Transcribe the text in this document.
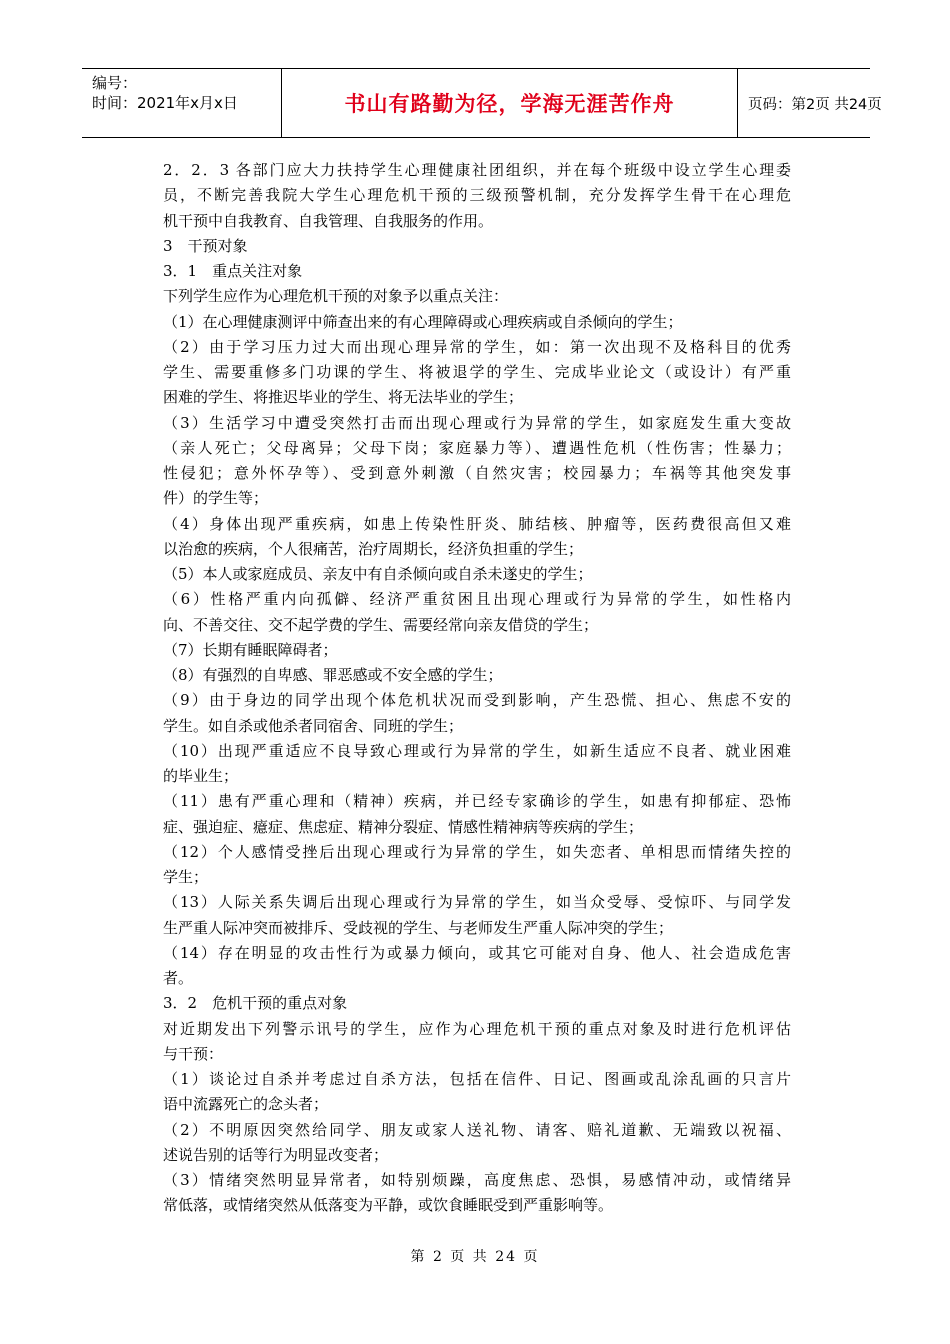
编号：
时间：2021年x月x日	书山有路勤为径，学海无涯苦作舟	页码：第2页 共24页
2．2．3 各部门应大力扶持学生心理健康社团组织，并在每个班级中设立学生心理委
员，不断完善我院大学生心理危机干预的三级预警机制，充分发挥学生骨干在心理危
机干预中自我教育、自我管理、自我服务的作用。
3　干预对象
3．1　重点关注对象
下列学生应作为心理危机干预的对象予以重点关注：
（1）在心理健康测评中筛查出来的有心理障碍或心理疾病或自杀倾向的学生；
（2）由于学习压力过大而出现心理异常的学生，如：第一次出现不及格科目的优秀
学生、需要重修多门功课的学生、将被退学的学生、完成毕业论文（或设计）有严重
困难的学生、将推迟毕业的学生、将无法毕业的学生；
（3）生活学习中遭受突然打击而出现心理或行为异常的学生，如家庭发生重大变故
（亲人死亡；父母离异；父母下岗；家庭暴力等）、遭遇性危机（性伤害；性暴力；
性侵犯；意外怀孕等）、受到意外刺激（自然灾害；校园暴力；车祸等其他突发事
件）的学生等；
（4）身体出现严重疾病，如患上传染性肝炎、肺结核、肿瘤等，医药费很高但又难
以治愈的疾病，个人很痛苦，治疗周期长，经济负担重的学生；
（5）本人或家庭成员、亲友中有自杀倾向或自杀未遂史的学生；
（6）性格严重内向孤僻、经济严重贫困且出现心理或行为异常的学生，如性格内
向、不善交往、交不起学费的学生、需要经常向亲友借贷的学生；
（7）长期有睡眠障碍者；
（8）有强烈的自卑感、罪恶感或不安全感的学生；
（9）由于身边的同学出现个体危机状况而受到影响，产生恐慌、担心、焦虑不安的
学生。如自杀或他杀者同宿舍、同班的学生；
（10）出现严重适应不良导致心理或行为异常的学生，如新生适应不良者、就业困难
的毕业生；
（11）患有严重心理和（精神）疾病，并已经专家确诊的学生，如患有抑郁症、恐怖
症、强迫症、癔症、焦虑症、精神分裂症、情感性精神病等疾病的学生；
（12）个人感情受挫后出现心理或行为异常的学生，如失恋者、单相思而情绪失控的
学生；
（13）人际关系失调后出现心理或行为异常的学生，如当众受辱、受惊吓、与同学发
生严重人际冲突而被排斥、受歧视的学生、与老师发生严重人际冲突的学生；
（14）存在明显的攻击性行为或暴力倾向，或其它可能对自身、他人、社会造成危害
者。
3．2　危机干预的重点对象
对近期发出下列警示讯号的学生，应作为心理危机干预的重点对象及时进行危机评估
与干预：
（1）谈论过自杀并考虑过自杀方法，包括在信件、日记、图画或乱涂乱画的只言片
语中流露死亡的念头者；
（2）不明原因突然给同学、朋友或家人送礼物、请客、赔礼道歉、无端致以祝福、
述说告别的话等行为明显改变者；
（3）情绪突然明显异常者，如特别烦躁，高度焦虑、恐惧，易感情冲动，或情绪异
常低落，或情绪突然从低落变为平静，或饮食睡眠受到严重影响等。
第 2 页 共 24 页
